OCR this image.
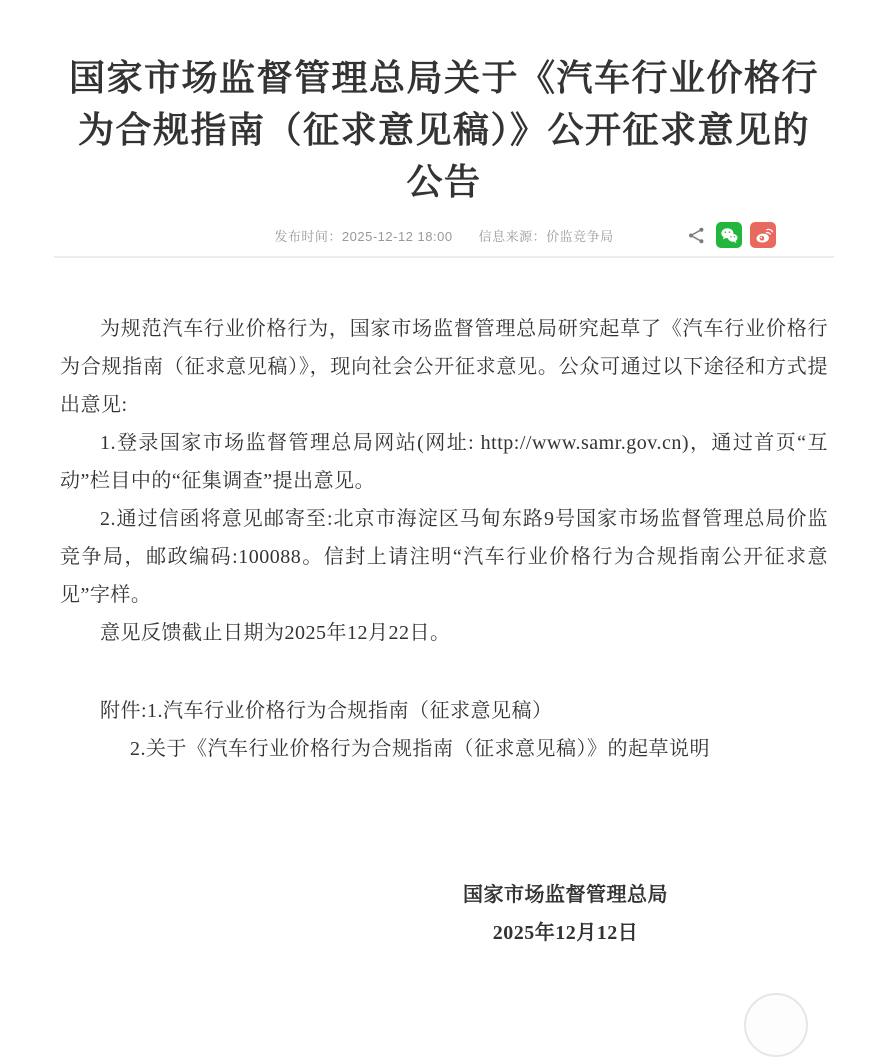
国家市场监督管理总局关于《汽车行业价格行为合规指南（征求意见稿）》公开征求意见的公告
发布时间：2025-12-12 18:00 信息来源：价监竞争局

为规范汽车行业价格行为，国家市场监督管理总局研究起草了《汽车行业价格行为合规指南（征求意见稿）》，现向社会公开征求意见。公众可通过以下途径和方式提出意见:

1.登录国家市场监督管理总局网站(网址: http://www.samr.gov.cn)，通过首页“互动”栏目中的“征集调查”提出意见。

2.通过信函将意见邮寄至:北京市海淀区马甸东路9号国家市场监督管理总局价监竞争局，邮政编码:100088。信封上请注明“汽车行业价格行为合规指南公开征求意见”字样。

意见反馈截止日期为2025年12月22日。

附件:1.汽车行业价格行为合规指南（征求意见稿）

2.关于《汽车行业价格行为合规指南（征求意见稿）》的起草说明

国家市场监督管理总局
2025年12月12日
